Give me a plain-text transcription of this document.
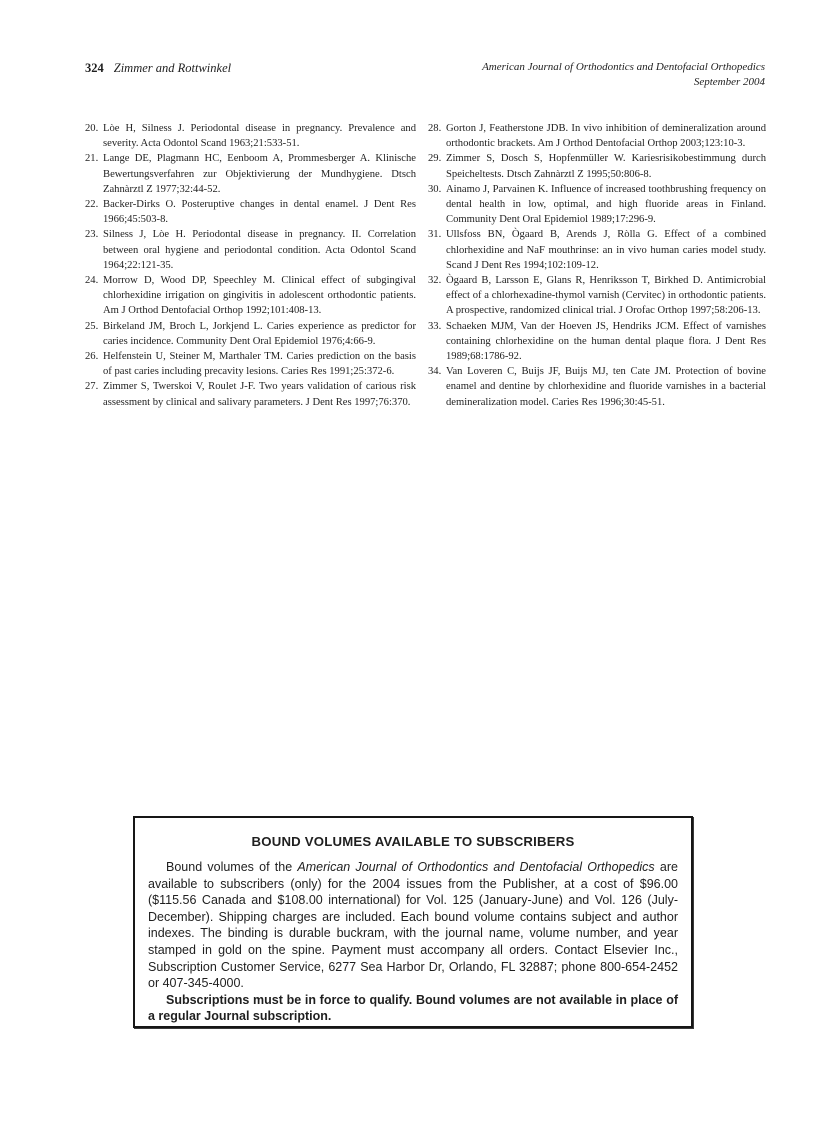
324 Zimmer and Rottwinkel	American Journal of Orthodontics and Dentofacial Orthopedics
September 2004
20. Lòe H, Silness J. Periodontal disease in pregnancy. Prevalence and severity. Acta Odontol Scand 1963;21:533-51.
21. Lange DE, Plagmann HC, Eenboom A, Prommesberger A. Klinische Bewertungsverfahren zur Objektivierung der Mundhygiene. Dtsch Zahnàrztl Z 1977;32:44-52.
22. Backer-Dirks O. Posteruptive changes in dental enamel. J Dent Res 1966;45:503-8.
23. Silness J, Lòe H. Periodontal disease in pregnancy. II. Correlation between oral hygiene and periodontal condition. Acta Odontol Scand 1964;22:121-35.
24. Morrow D, Wood DP, Speechley M. Clinical effect of subgingival chlorhexidine irrigation on gingivitis in adolescent orthodontic patients. Am J Orthod Dentofacial Orthop 1992;101:408-13.
25. Birkeland JM, Broch L, Jorkjend L. Caries experience as predictor for caries incidence. Community Dent Oral Epidemiol 1976;4:66-9.
26. Helfenstein U, Steiner M, Marthaler TM. Caries prediction on the basis of past caries including precavity lesions. Caries Res 1991;25:372-6.
27. Zimmer S, Twerskoi V, Roulet J-F. Two years validation of carious risk assessment by clinical and salivary parameters. J Dent Res 1997;76:370.
28. Gorton J, Featherstone JDB. In vivo inhibition of demineralization around orthodontic brackets. Am J Orthod Dentofacial Orthop 2003;123:10-3.
29. Zimmer S, Dosch S, Hopfenmüller W. Kariesrisikobestimmung durch Speicheltests. Dtsch Zahnàrztl Z 1995;50:806-8.
30. Ainamo J, Parvainen K. Influence of increased toothbrushing frequency on dental health in low, optimal, and high fluoride areas in Finland. Community Dent Oral Epidemiol 1989;17:296-9.
31. Ullsfoss BN, Ògaard B, Arends J, Ròlla G. Effect of a combined chlorhexidine and NaF mouthrinse: an in vivo human caries model study. Scand J Dent Res 1994;102:109-12.
32. Ògaard B, Larsson E, Glans R, Henriksson T, Birkhed D. Antimicrobial effect of a chlorhexadine-thymol varnish (Cervitec) in orthodontic patients. A prospective, randomized clinical trial. J Orofac Orthop 1997;58:206-13.
33. Schaeken MJM, Van der Hoeven JS, Hendriks JCM. Effect of varnishes containing chlorhexidine on the human dental plaque flora. J Dent Res 1989;68:1786-92.
34. Van Loveren C, Buijs JF, Buijs MJ, ten Cate JM. Protection of bovine enamel and dentine by chlorhexidine and fluoride varnishes in a bacterial demineralization model. Caries Res 1996;30:45-51.
BOUND VOLUMES AVAILABLE TO SUBSCRIBERS

Bound volumes of the American Journal of Orthodontics and Dentofacial Orthopedics are available to subscribers (only) for the 2004 issues from the Publisher, at a cost of $96.00 ($115.56 Canada and $108.00 international) for Vol. 125 (January-June) and Vol. 126 (July-December). Shipping charges are included. Each bound volume contains subject and author indexes. The binding is durable buckram, with the journal name, volume number, and year stamped in gold on the spine. Payment must accompany all orders. Contact Elsevier Inc., Subscription Customer Service, 6277 Sea Harbor Dr, Orlando, FL 32887; phone 800-654-2452 or 407-345-4000.

Subscriptions must be in force to qualify. Bound volumes are not available in place of a regular Journal subscription.
